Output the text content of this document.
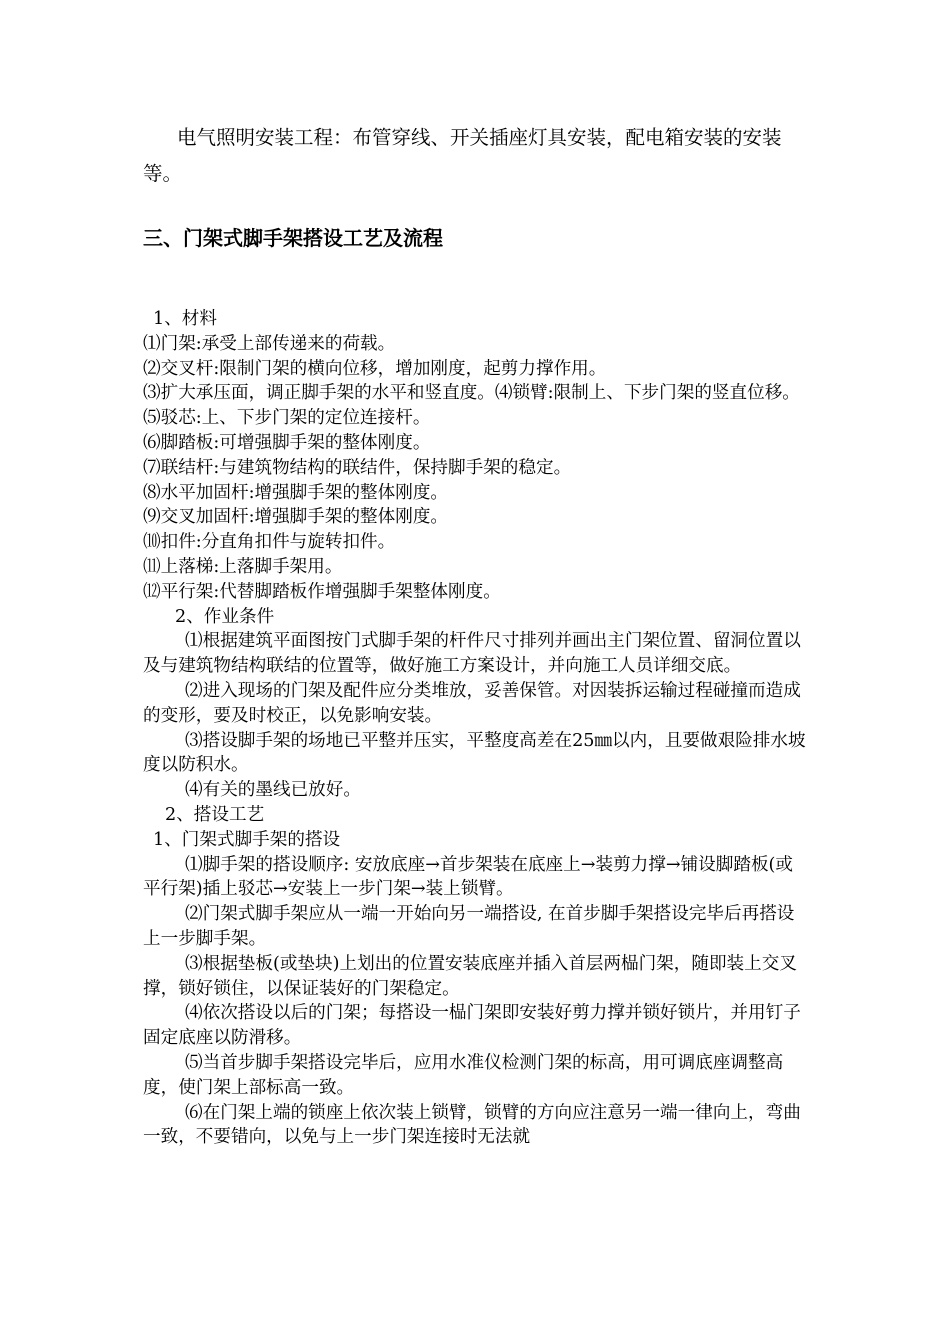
电气照明安装工程：布管穿线、开关插座灯具安装，配电箱安装的安装等。

三、门架式脚手架搭设工艺及流程

1、材料

⑴门架:承受上部传递来的荷载。

⑵交叉杆:限制门架的横向位移，增加刚度，起剪力撑作用。

⑶扩大承压面，调正脚手架的水平和竖直度。⑷锁臂:限制上、下步门架的竖直位移。

⑸驳芯:上、下步门架的定位连接杆。

⑹脚踏板:可增强脚手架的整体刚度。

⑺联结杆:与建筑物结构的联结件，保持脚手架的稳定。

⑻水平加固杆:增强脚手架的整体刚度。

⑼交叉加固杆:增强脚手架的整体刚度。

⑽扣件:分直角扣件与旋转扣件。

⑾上落梯:上落脚手架用。

⑿平行架:代替脚踏板作增强脚手架整体刚度。

2、作业条件

⑴根据建筑平面图按门式脚手架的杆件尺寸排列并画出主门架位置、留洞位置以及与建筑物结构联结的位置等，做好施工方案设计，并向施工人员详细交底。

⑵进入现场的门架及配件应分类堆放，妥善保管。对因装拆运输过程碰撞而造成的变形，要及时校正，以免影响安装。

⑶搭设脚手架的场地已平整并压实，平整度高差在25㎜以内，且要做艰险排水坡度以防积水。

⑷有关的墨线已放好。

2、搭设工艺

1、门架式脚手架的搭设

⑴脚手架的搭设顺序: 安放底座→首步架装在底座上→装剪力撑→铺设脚踏板(或平行架)插上驳芯→安装上一步门架→装上锁臂。

⑵门架式脚手架应从一端一开始向另一端搭设, 在首步脚手架搭设完毕后再搭设上一步脚手架。

⑶根据垫板(或垫块)上划出的位置安装底座并插入首层两榀门架，随即装上交叉撑，锁好锁住，以保证装好的门架稳定。

⑷依次搭设以后的门架；每搭设一榀门架即安装好剪力撑并锁好锁片，并用钉子固定底座以防滑移。

⑸当首步脚手架搭设完毕后，应用水准仪检测门架的标高，用可调底座调整高度，使门架上部标高一致。

⑹在门架上端的锁座上依次装上锁臂，锁臂的方向应注意另一端一律向上，弯曲一致，不要错向，以免与上一步门架连接时无法就
